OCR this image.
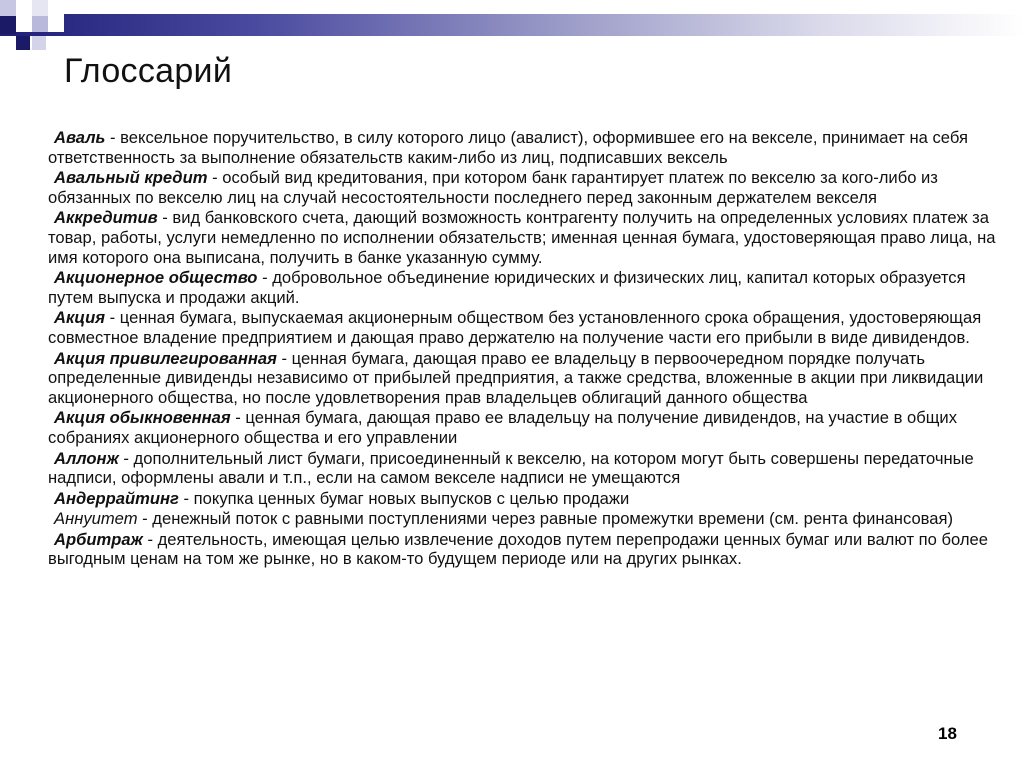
Глоссарий
Аваль - вексельное поручительство, в силу которого лицо (авалист), оформившее его на векселе, принимает на себя ответственность за выполнение обязательств каким-либо из лиц, подписавших вексель
Авальный кредит - особый вид кредитования, при котором банк гарантирует платеж по векселю за кого-либо из обязанных по векселю лиц на случай несостоятельности последнего перед законным держателем векселя
Аккредитив - вид банковского счета, дающий возможность контрагенту получить на определенных условиях платеж за товар, работы, услуги немедленно по исполнении обязательств; именная ценная бумага, удостоверяющая право лица, на имя которого она выписана, получить в банке указанную сумму.
Акционерное общество - добровольное объединение юридических и физических лиц, капитал которых образуется путем выпуска и продажи акций.
Акция - ценная бумага, выпускаемая акционерным обществом без установленного срока обращения, удостоверяющая совместное владение предприятием и дающая право держателю на получение части его прибыли в виде дивидендов.
Акция привилегированная - ценная бумага, дающая право ее владельцу в первоочередном порядке получать определенные дивиденды независимо от прибылей предприятия, а также средства, вложенные в акции при ликвидации акционерного общества, но после удовлетворения прав владельцев облигаций данного общества
Акция обыкновенная - ценная бумага, дающая право ее владельцу на получение дивидендов, на участие в общих собраниях акционерного общества и его управлении
Аллонж - дополнительный лист бумаги, присоединенный к векселю, на котором могут быть совершены передаточные надписи, оформлены авали и т.п., если на самом векселе надписи не умещаются
Андеррайтинг - покупка ценных бумаг новых выпусков с целью продажи
Аннуитет - денежный поток с равными поступлениями через равные промежутки времени (см. рента финансовая)
Арбитраж - деятельность, имеющая целью извлечение доходов путем перепродажи ценных бумаг или валют по более выгодным ценам на том же рынке, но в каком-то будущем периоде или на других рынках.
18
